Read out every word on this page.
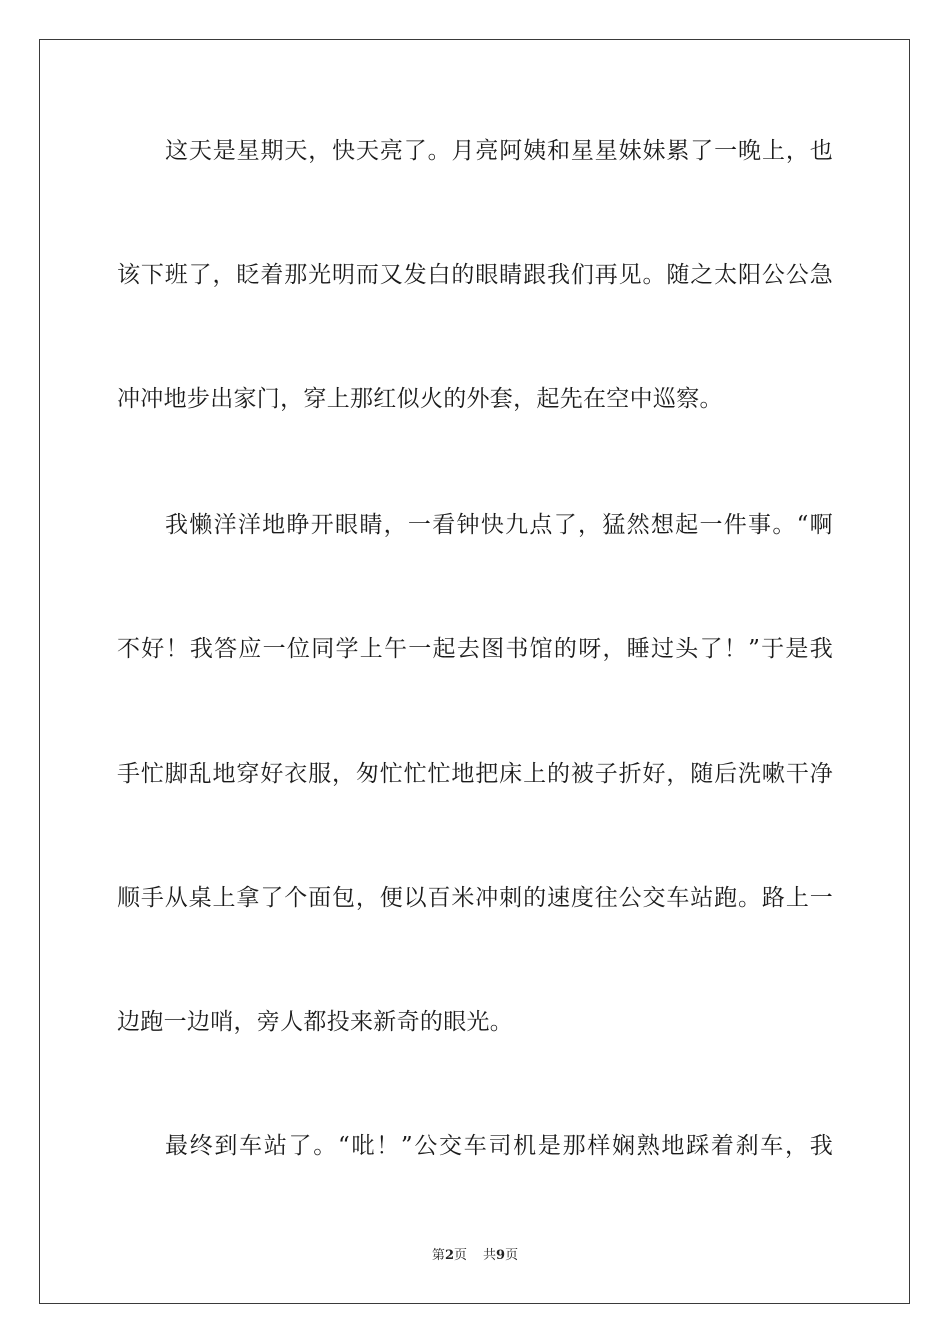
这天是星期天，快天亮了。月亮阿姨和星星妹妹累了一晚上，也
该下班了，眨着那光明而又发白的眼睛跟我们再见。随之太阳公公急
冲冲地步出家门，穿上那红似火的外套，起先在空中巡察。
我懒洋洋地睁开眼睛，一看钟快九点了，猛然想起一件事。“啊
不好！我答应一位同学上午一起去图书馆的呀，睡过头了！”于是我
手忙脚乱地穿好衣服，匆忙忙忙地把床上的被子折好，随后洗嗽干净
顺手从桌上拿了个面包，便以百米冲刺的速度往公交车站跑。路上一
边跑一边哨，旁人都投来新奇的眼光。
最终到车站了。“吡！”公交车司机是那样娴熟地踩着刹车，我
第2页 共9页
